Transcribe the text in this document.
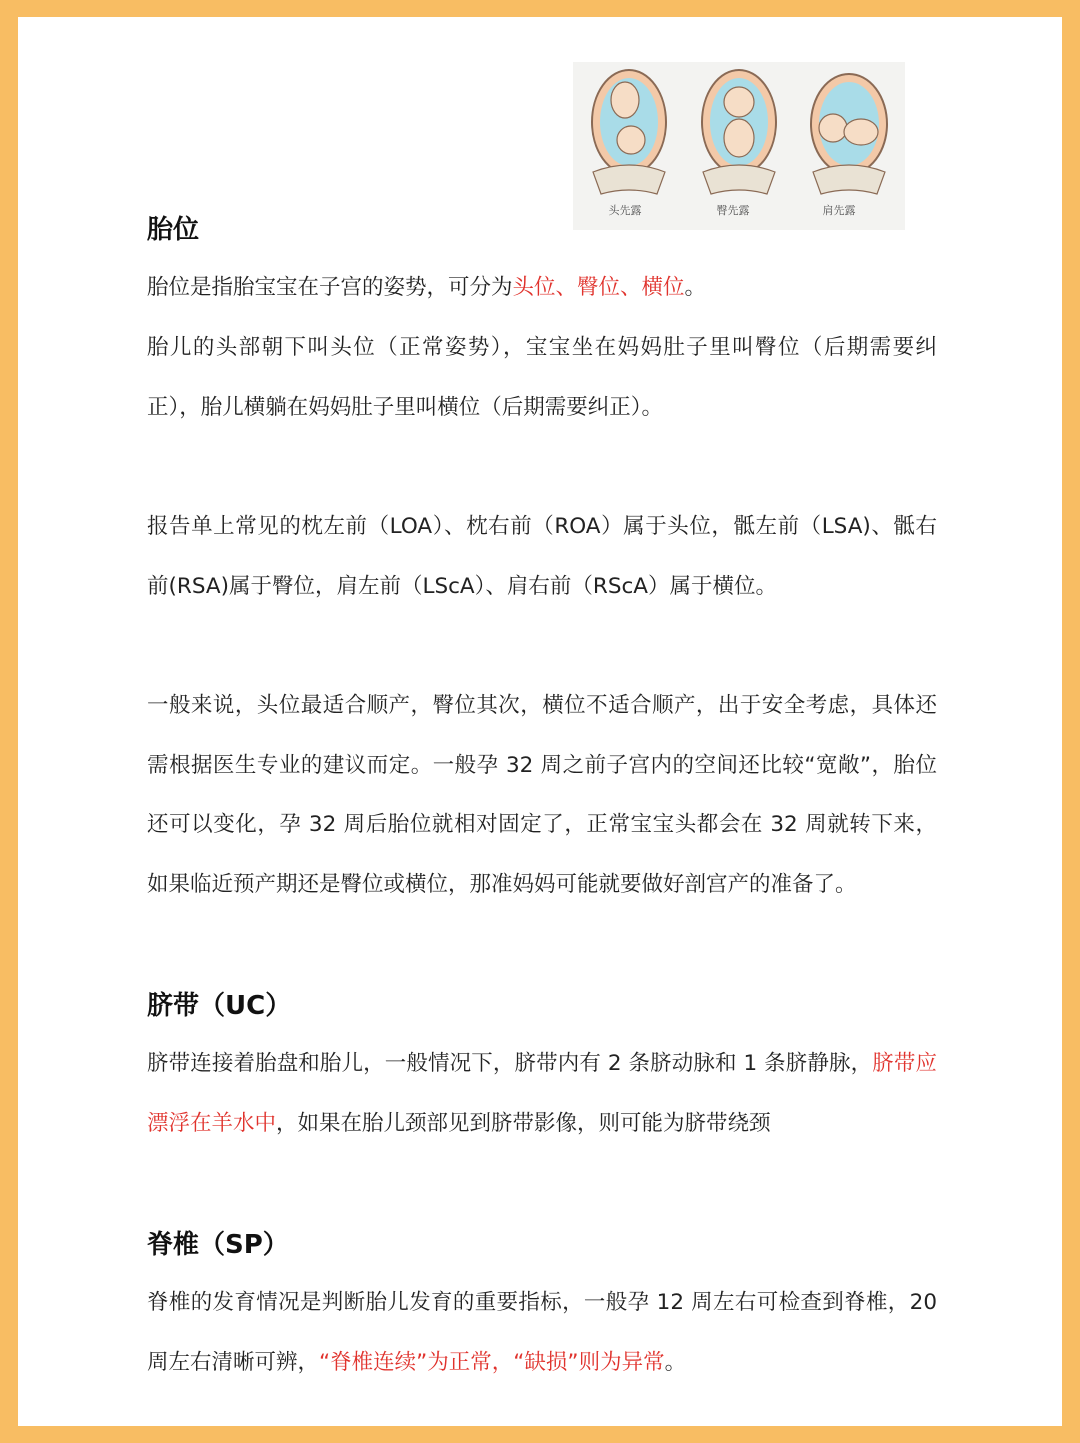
头先露	臀先露	肩先露
胎位
胎位是指胎宝宝在子宫的姿势，可分为头位、臀位、横位。
胎儿的头部朝下叫头位（正常姿势），宝宝坐在妈妈肚子里叫臀位（后期需要纠正），胎儿横躺在妈妈肚子里叫横位（后期需要纠正）。
报告单上常见的枕左前（LOA）、枕右前（ROA）属于头位，骶左前（LSA)、骶右前(RSA)属于臀位，肩左前（LScA）、肩右前（RScA）属于横位。
一般来说，头位最适合顺产，臀位其次，横位不适合顺产，出于安全考虑，具体还需根据医生专业的建议而定。一般孕 32 周之前子宫内的空间还比较“宽敞”，胎位还可以变化，孕 32 周后胎位就相对固定了，正常宝宝头都会在 32 周就转下来，如果临近预产期还是臀位或横位，那准妈妈可能就要做好剖宫产的准备了。
脐带（UC）
脐带连接着胎盘和胎儿，一般情况下，脐带内有 2 条脐动脉和 1 条脐静脉，脐带应漂浮在羊水中，如果在胎儿颈部见到脐带影像，则可能为脐带绕颈
脊椎（SP）
脊椎的发育情况是判断胎儿发育的重要指标，一般孕 12 周左右可检查到脊椎，20 周左右清晰可辨，“脊椎连续”为正常，“缺损”则为异常。
